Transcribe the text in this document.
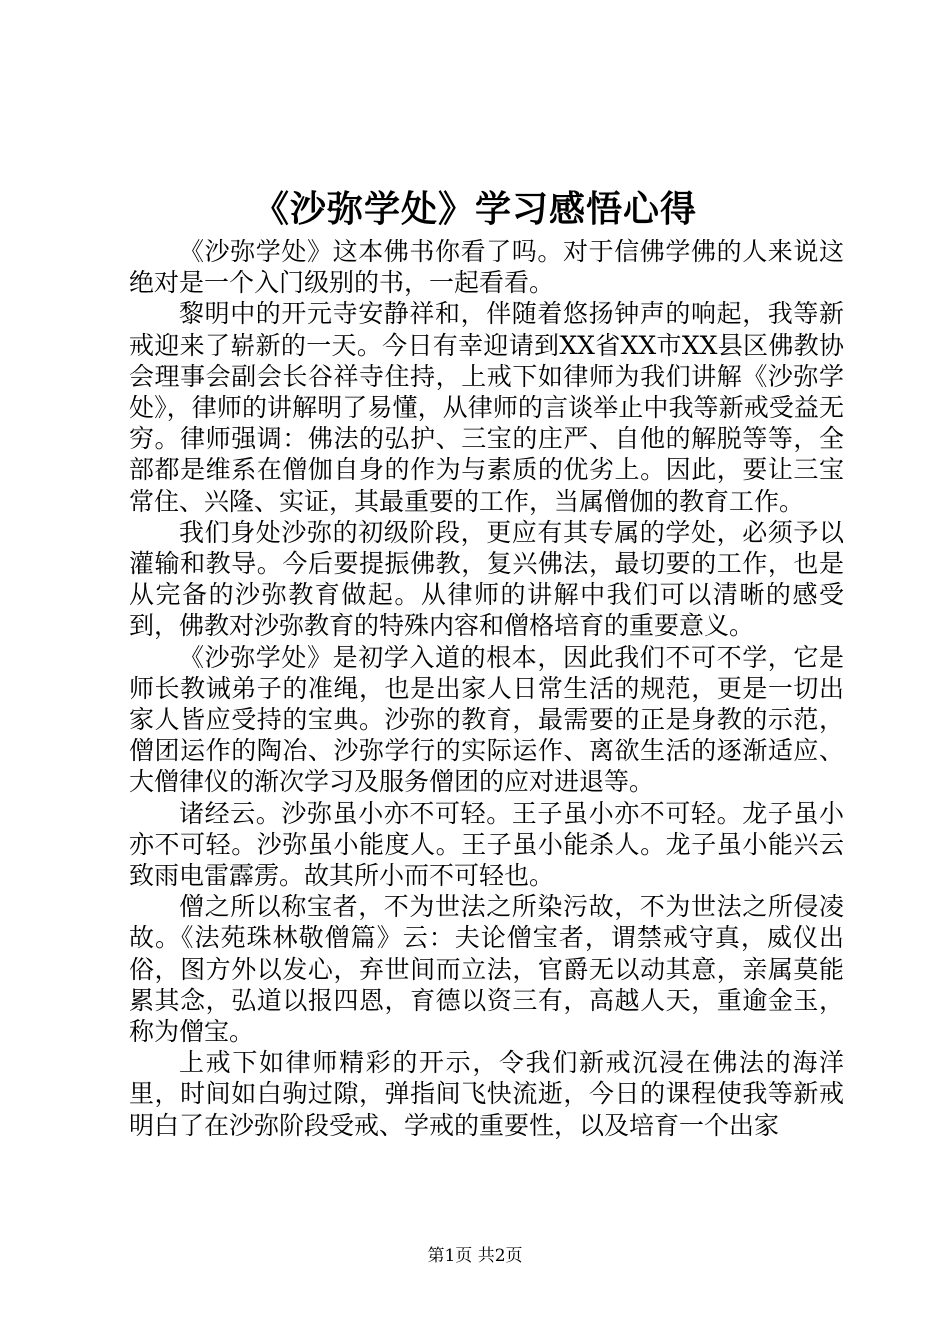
《沙弥学处》学习感悟心得

《沙弥学处》这本佛书你看了吗。对于信佛学佛的人来说这绝对是一个入门级别的书，一起看看。

黎明中的开元寺安静祥和，伴随着悠扬钟声的响起，我等新戒迎来了崭新的一天。今日有幸迎请到XX省XX市XX县区佛教协会理事会副会长谷祥寺住持，上戒下如律师为我们讲解《沙弥学处》，律师的讲解明了易懂，从律师的言谈举止中我等新戒受益无穷。律师强调：佛法的弘护、三宝的庄严、自他的解脱等等，全部都是维系在僧伽自身的作为与素质的优劣上。因此，要让三宝常住、兴隆、实证，其最重要的工作，当属僧伽的教育工作。

我们身处沙弥的初级阶段，更应有其专属的学处，必须予以灌输和教导。今后要提振佛教，复兴佛法，最切要的工作，也是从完备的沙弥教育做起。从律师的讲解中我们可以清晰的感受到，佛教对沙弥教育的特殊内容和僧格培育的重要意义。

《沙弥学处》是初学入道的根本，因此我们不可不学，它是师长教诫弟子的准绳，也是出家人日常生活的规范，更是一切出家人皆应受持的宝典。沙弥的教育，最需要的正是身教的示范，僧团运作的陶冶、沙弥学行的实际运作、离欲生活的逐渐适应、大僧律仪的渐次学习及服务僧团的应对进退等。

诸经云。沙弥虽小亦不可轻。王子虽小亦不可轻。龙子虽小亦不可轻。沙弥虽小能度人。王子虽小能杀人。龙子虽小能兴云致雨电雷霹雳。故其所小而不可轻也。

僧之所以称宝者，不为世法之所染污故，不为世法之所侵凌故。《法苑珠林敬僧篇》云：夫论僧宝者，谓禁戒守真，威仪出俗，图方外以发心，弃世间而立法，官爵无以动其意，亲属莫能累其念，弘道以报四恩，育德以资三有，高越人天，重逾金玉，称为僧宝。

上戒下如律师精彩的开示，令我们新戒沉浸在佛法的海洋里，时间如白驹过隙，弹指间飞快流逝，今日的课程使我等新戒明白了在沙弥阶段受戒、学戒的重要性，以及培育一个出家

第1页 共2页
